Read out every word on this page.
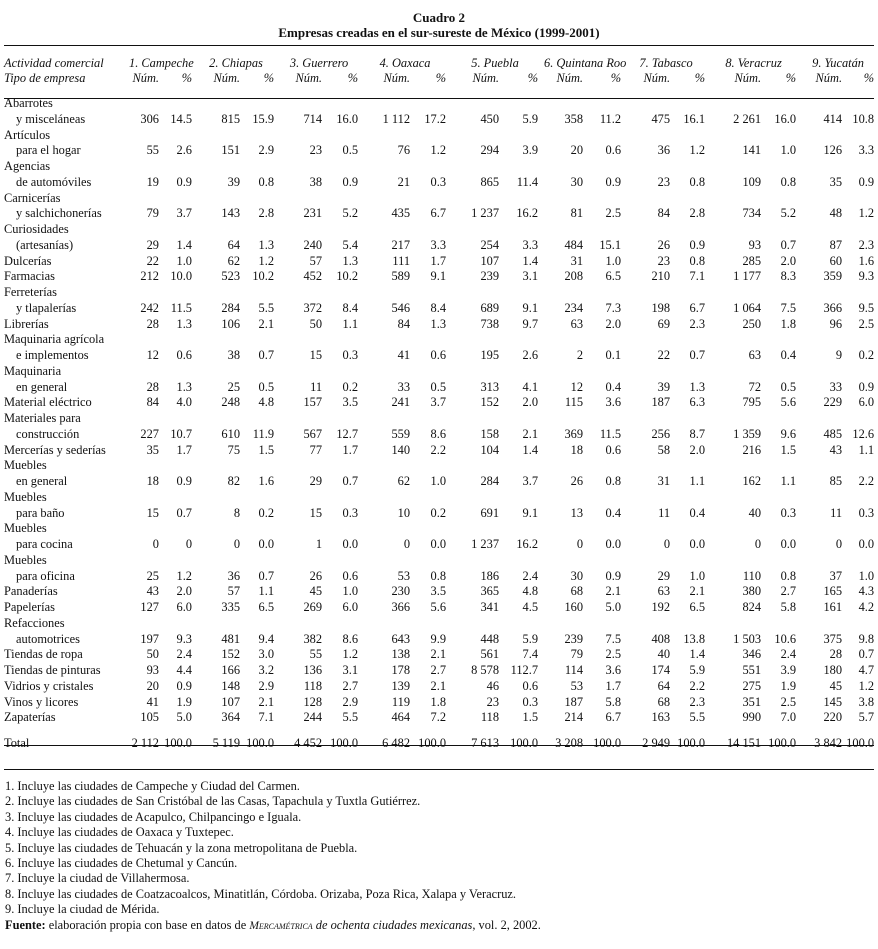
Cuadro 2
Empresas creadas en el sur-sureste de México (1999-2001)
Actividad comercial	1. Campeche		2. Chiapas		3. Guerrero		4. Oaxaca		5. Puebla		6. Quintana Roo		7. Tabasco		8. Veracruz		9. Yucatán	
Tipo de empresa	Núm.	%	Núm.	%	Núm.	%	Núm.	%	Núm.	%	Núm.	%	Núm.	%	Núm.	%	Núm.	%

Abarrotes																		
y misceláneas	306	14.5	815	15.9	714	16.0	1 112	17.2	450	5.9	358	11.2	475	16.1	2 261	16.0	414	10.8
Artículos																		
para el hogar	55	2.6	151	2.9	23	0.5	76	1.2	294	3.9	20	0.6	36	1.2	141	1.0	126	3.3
Agencias																		
de automóviles	19	0.9	39	0.8	38	0.9	21	0.3	865	11.4	30	0.9	23	0.8	109	0.8	35	0.9
Carnicerías																		
y salchichonerías	79	3.7	143	2.8	231	5.2	435	6.7	1 237	16.2	81	2.5	84	2.8	734	5.2	48	1.2
Curiosidades																		
(artesanías)	29	1.4	64	1.3	240	5.4	217	3.3	254	3.3	484	15.1	26	0.9	93	0.7	87	2.3
Dulcerías	22	1.0	62	1.2	57	1.3	111	1.7	107	1.4	31	1.0	23	0.8	285	2.0	60	1.6
Farmacias	212	10.0	523	10.2	452	10.2	589	9.1	239	3.1	208	6.5	210	7.1	1 177	8.3	359	9.3
Ferreterías																		
y tlapalerías	242	11.5	284	5.5	372	8.4	546	8.4	689	9.1	234	7.3	198	6.7	1 064	7.5	366	9.5
Librerías	28	1.3	106	2.1	50	1.1	84	1.3	738	9.7	63	2.0	69	2.3	250	1.8	96	2.5
Maquinaria agrícola																		
e implementos	12	0.6	38	0.7	15	0.3	41	0.6	195	2.6	2	0.1	22	0.7	63	0.4	9	0.2
Maquinaria																		
en general	28	1.3	25	0.5	11	0.2	33	0.5	313	4.1	12	0.4	39	1.3	72	0.5	33	0.9
Material eléctrico	84	4.0	248	4.8	157	3.5	241	3.7	152	2.0	115	3.6	187	6.3	795	5.6	229	6.0
Materiales para																		
construcción	227	10.7	610	11.9	567	12.7	559	8.6	158	2.1	369	11.5	256	8.7	1 359	9.6	485	12.6
Mercerías y sederías	35	1.7	75	1.5	77	1.7	140	2.2	104	1.4	18	0.6	58	2.0	216	1.5	43	1.1
Muebles																		
en general	18	0.9	82	1.6	29	0.7	62	1.0	284	3.7	26	0.8	31	1.1	162	1.1	85	2.2
Muebles																		
para baño	15	0.7	8	0.2	15	0.3	10	0.2	691	9.1	13	0.4	11	0.4	40	0.3	11	0.3
Muebles																		
para cocina	0	0	0	0.0	1	0.0	0	0.0	1 237	16.2	0	0.0	0	0.0	0	0.0	0	0.0
Muebles																		
para oficina	25	1.2	36	0.7	26	0.6	53	0.8	186	2.4	30	0.9	29	1.0	110	0.8	37	1.0
Panaderías	43	2.0	57	1.1	45	1.0	230	3.5	365	4.8	68	2.1	63	2.1	380	2.7	165	4.3
Papelerías	127	6.0	335	6.5	269	6.0	366	5.6	341	4.5	160	5.0	192	6.5	824	5.8	161	4.2
Refacciones																		
automotrices	197	9.3	481	9.4	382	8.6	643	9.9	448	5.9	239	7.5	408	13.8	1 503	10.6	375	9.8
Tiendas de ropa	50	2.4	152	3.0	55	1.2	138	2.1	561	7.4	79	2.5	40	1.4	346	2.4	28	0.7
Tiendas de pinturas	93	4.4	166	3.2	136	3.1	178	2.7	8 578	112.7	114	3.6	174	5.9	551	3.9	180	4.7
Vidrios y cristales	20	0.9	148	2.9	118	2.7	139	2.1	46	0.6	53	1.7	64	2.2	275	1.9	45	1.2
Vinos y licores	41	1.9	107	2.1	128	2.9	119	1.8	23	0.3	187	5.8	68	2.3	351	2.5	145	3.8
Zapaterías	105	5.0	364	7.1	244	5.5	464	7.2	118	1.5	214	6.7	163	5.5	990	7.0	220	5.7

Total	2 112	100.0	5 119	100.0	4 452	100.0	6 482	100.0	7 613	100.0	3 208	100.0	2 949	100.0	14 151	100.0	3 842	100.0
1. Incluye las ciudades de Campeche y Ciudad del Carmen.
2. Incluye las ciudades de San Cristóbal de las Casas, Tapachula y Tuxtla Gutiérrez.
3. Incluye las ciudades de Acapulco, Chilpancingo e Iguala.
4. Incluye las ciudades de Oaxaca y Tuxtepec.
5. Incluye las ciudades de Tehuacán y la zona metropolitana de Puebla.
6. Incluye las ciudades de Chetumal y Cancún.
7. Incluye la ciudad de Villahermosa.
8. Incluye las ciudades de Coatzacoalcos, Minatitlán, Córdoba. Orizaba, Poza Rica, Xalapa y Veracruz.
9. Incluye la ciudad de Mérida.
Fuente: elaboración propia con base en datos de Mercamétrica de ochenta ciudades mexicanas, vol. 2, 2002.
